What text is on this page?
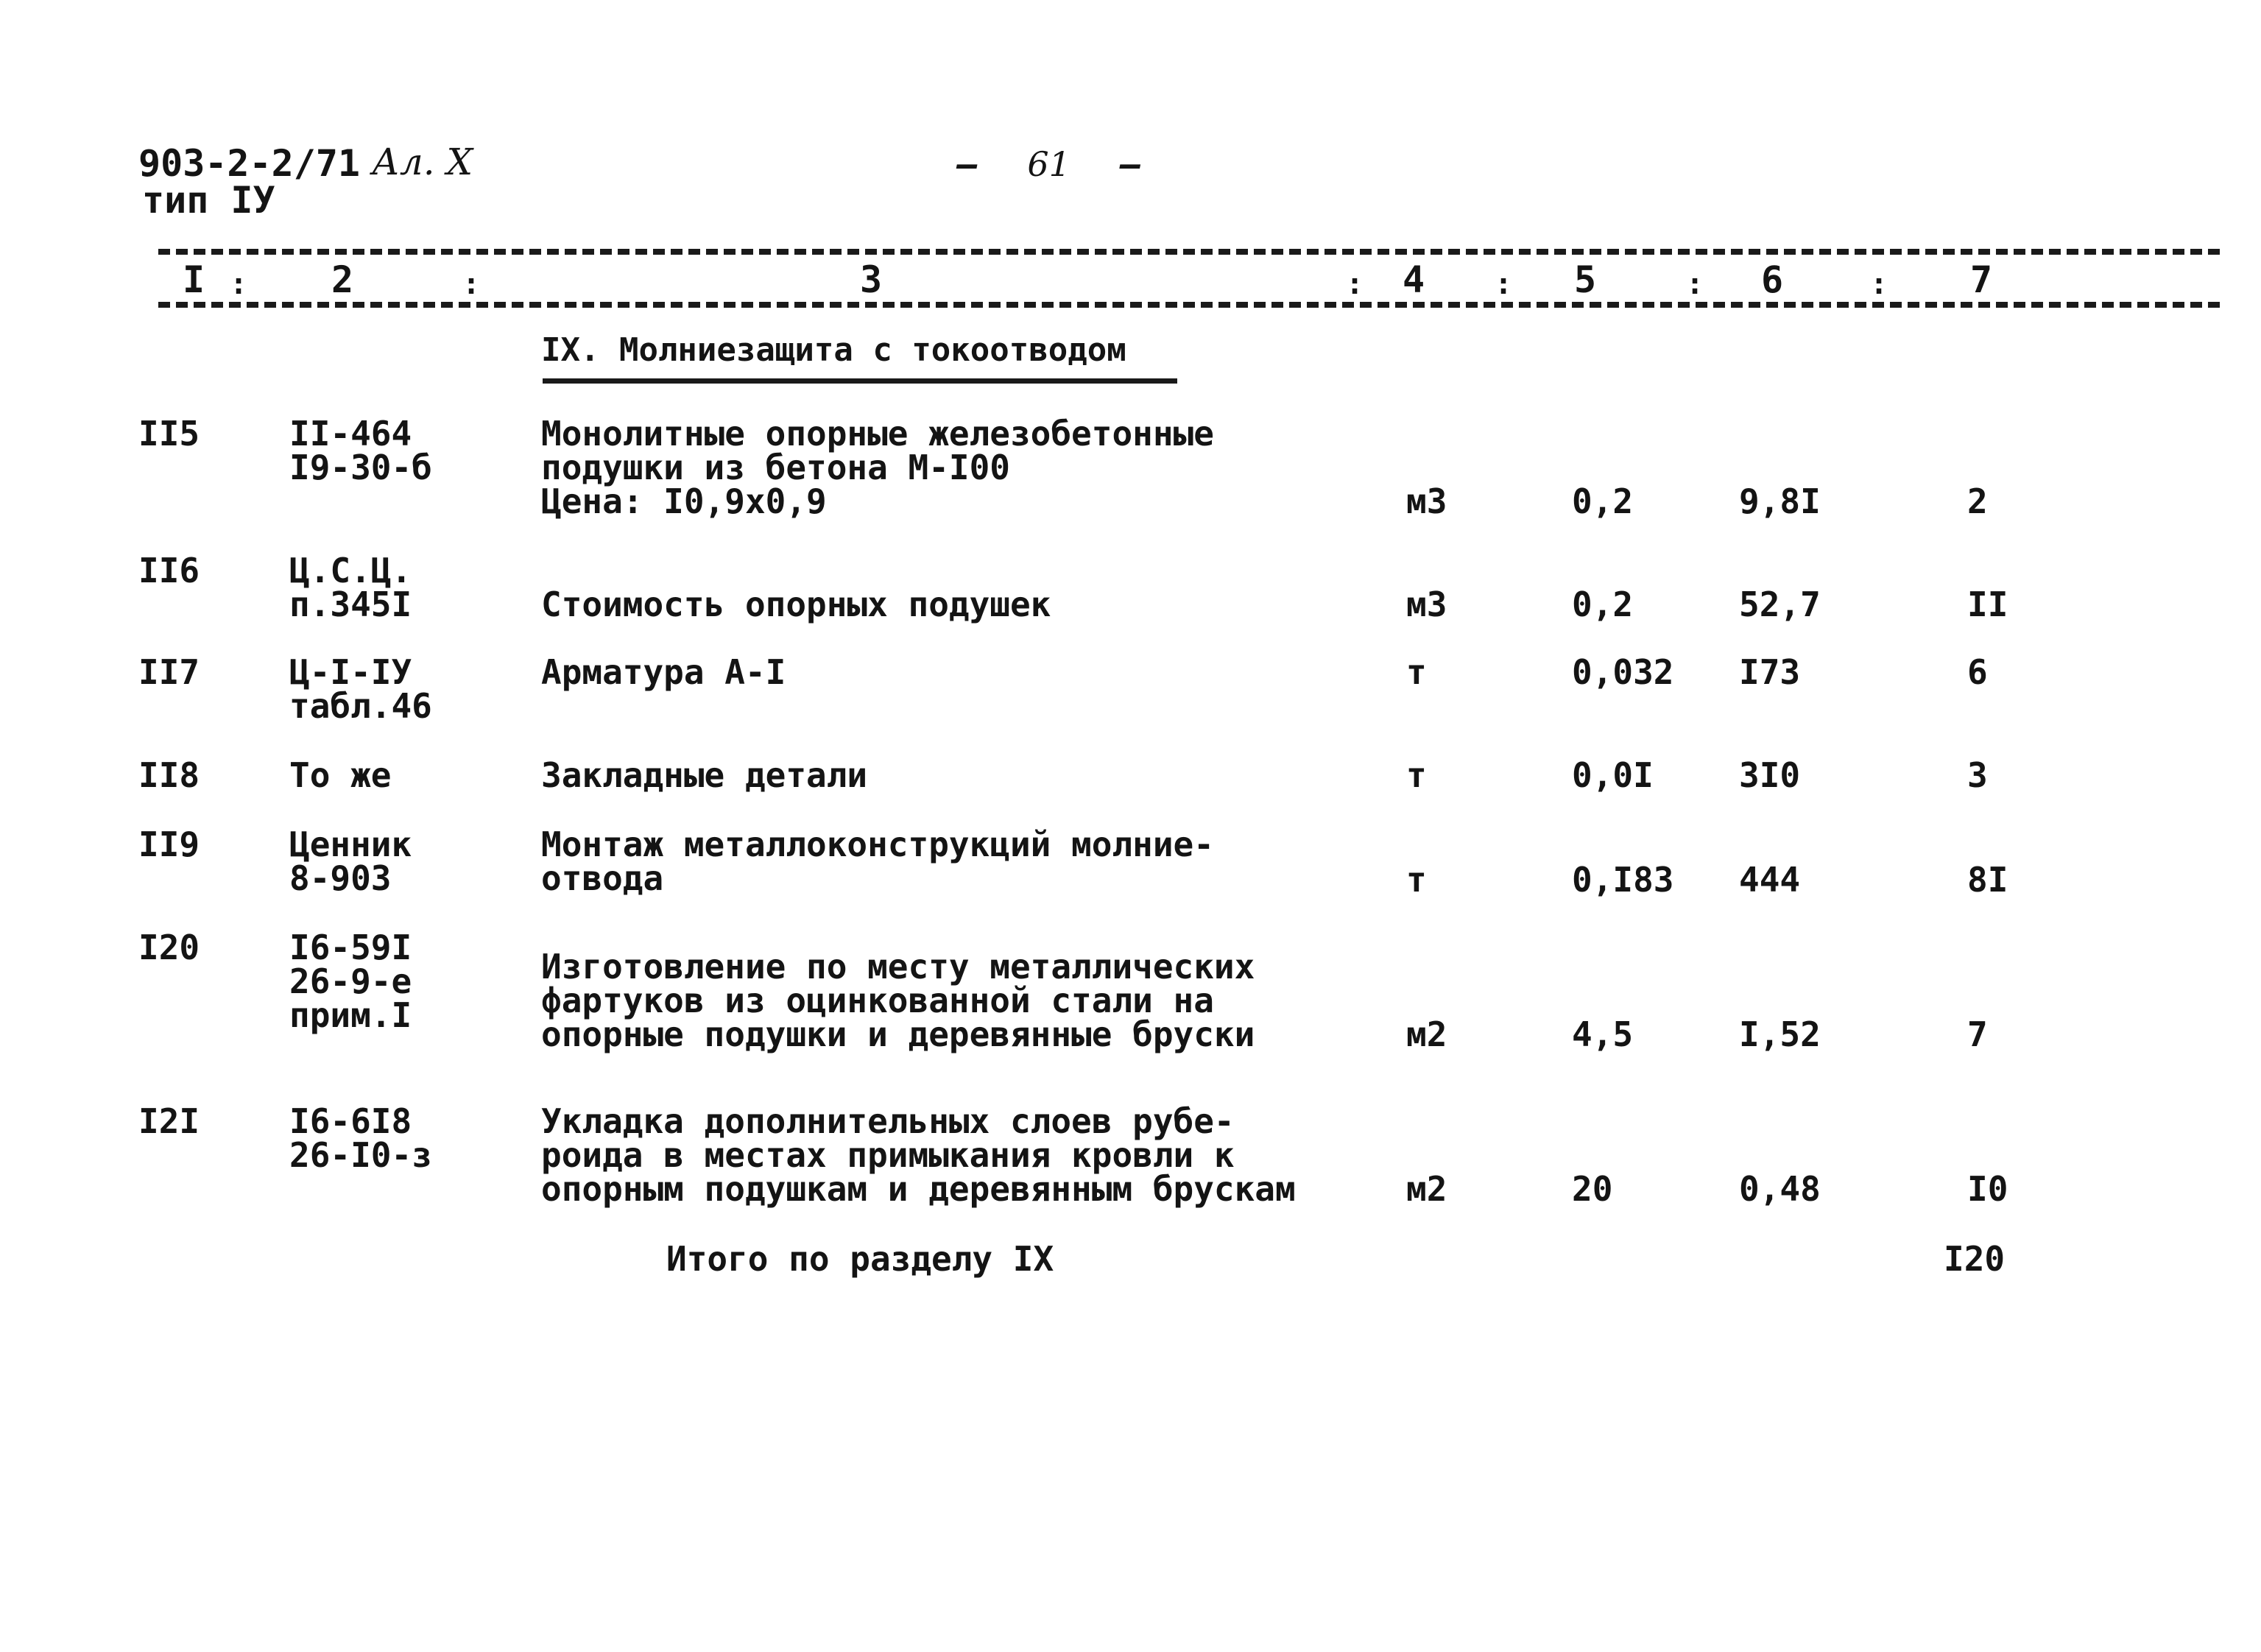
903-2-2/71 Ал. X
тип IУ
– 61 –
I : 2	:	3	: 4 : 5	: 6	: 7
IX. Молниезащита с токоотводом
II5	II-464
I9-30-б
Монолитные опорные железобетонные
подушки из бетона М-I00
Цена: I0,9х0,9	м3	0,2	9,8I	2
II6	Ц.С.Ц.
п.345I	Стоимость опорных подушек	м3	0,2	52,7	II
II7	Ц-I-IУ
табл.46
Арматура А-I	т	0,032 I73	6
II8	То же	Закладные детали	т	0,0I	3I0	3
II9	Ценник
8-903
Монтаж металлоконструкций молние-
отвода	т	0,I83 444	8I
I20	I6-59I
26-9-е
прим.I
Изготовление по месту металлических
фартуков из оцинкованной стали на
опорные подушки и деревянные бруски	м2	4,5	I,52	7
I2I	I6-6I8
26-I0-з
Укладка дополнительных слоев рубе-
роида в местах примыкания кровли к
опорным подушкам и деревянным брускам	м2	20	0,48	I0
Итого по разделу IX	I20
